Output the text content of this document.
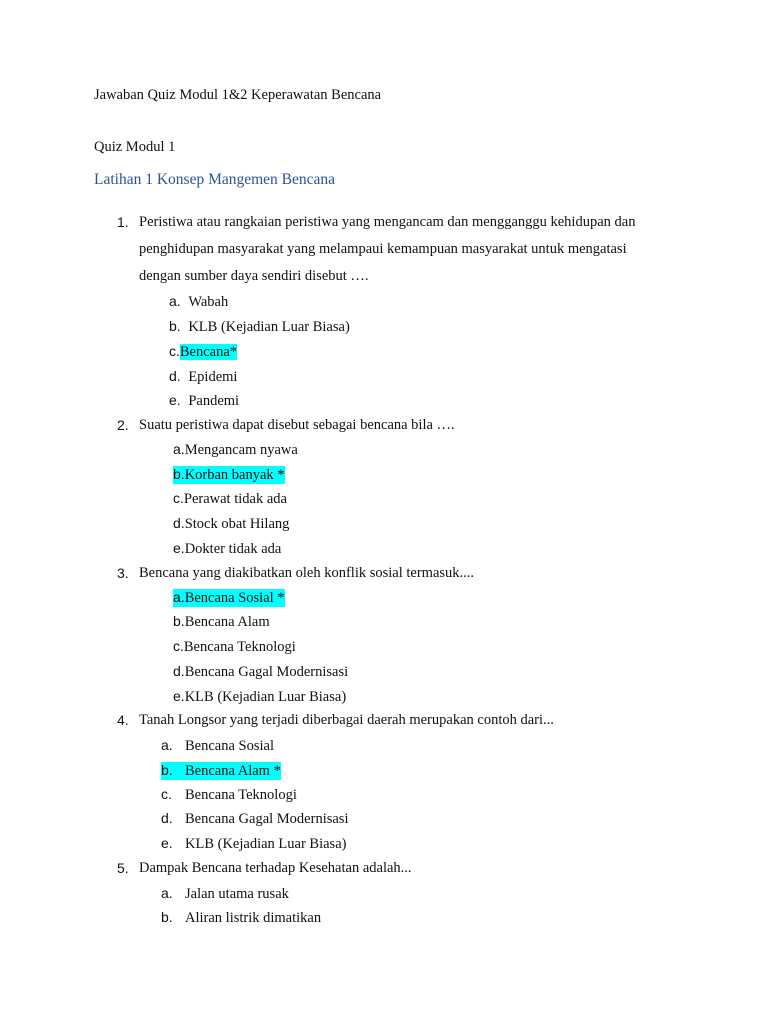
Jawaban Quiz Modul 1&2 Keperawatan Bencana
Quiz Modul 1
Latihan 1 Konsep Mangemen Bencana
1. Peristiwa atau rangkaian peristiwa yang mengancam dan mengganggu kehidupan dan
penghidupan masyarakat yang melampaui kemampuan masyarakat untuk mengatasi
dengan sumber daya sendiri disebut ….
a. Wabah
b. KLB (Kejadian Luar Biasa)
c.Bencana*
d. Epidemi
e. Pandemi
2. Suatu peristiwa dapat disebut sebagai bencana bila ….
a.Mengancam nyawa
b.Korban banyak *
c.Perawat tidak ada
d.Stock obat Hilang
e.Dokter tidak ada
3. Bencana yang diakibatkan oleh konflik sosial termasuk....
a.Bencana Sosial *
b.Bencana Alam
c.Bencana Teknologi
d.Bencana Gagal Modernisasi
e.KLB (Kejadian Luar Biasa)
4. Tanah Longsor yang terjadi diberbagai daerah merupakan contoh dari...
a. Bencana Sosial
b. Bencana Alam *
c. Bencana Teknologi
d. Bencana Gagal Modernisasi
e. KLB (Kejadian Luar Biasa)
5. Dampak Bencana terhadap Kesehatan adalah...
a. Jalan utama rusak
b. Aliran listrik dimatikan
